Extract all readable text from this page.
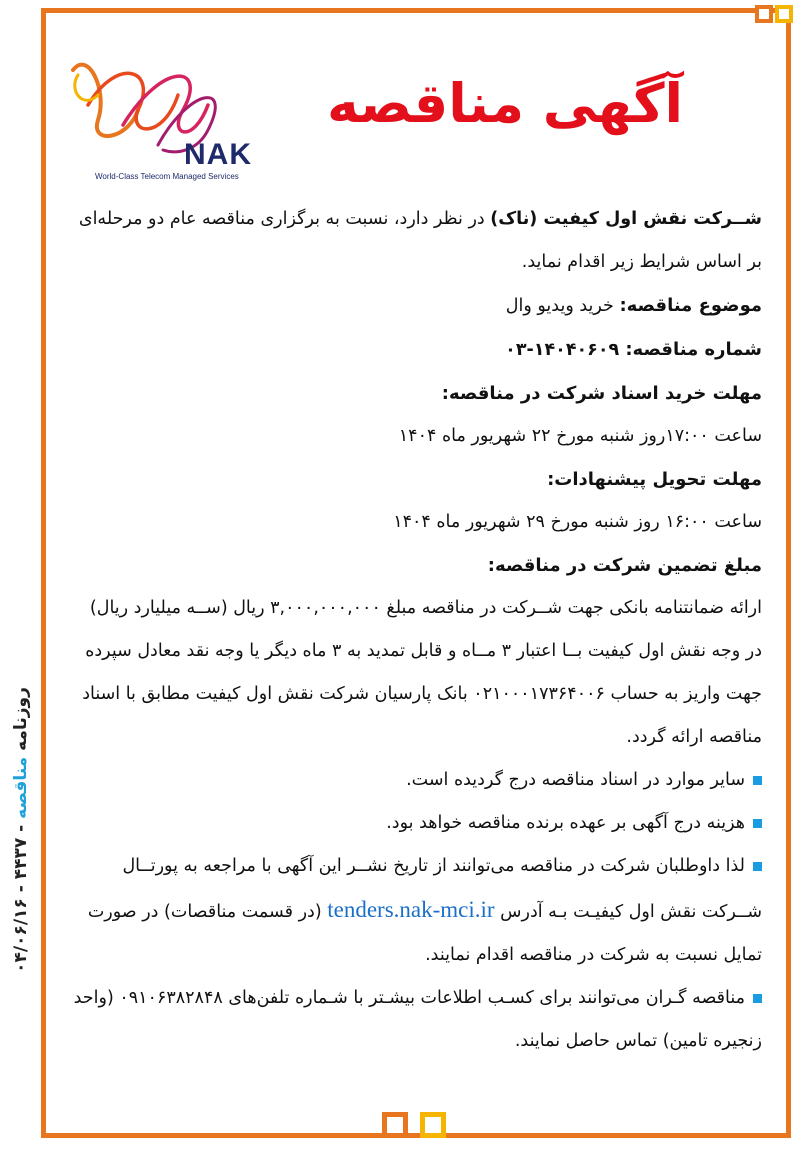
NAK
World-Class Telecom Managed Services
آگهی مناقصه

شــرکت نقش اول کیفیت (ناک) در نظر دارد، نسبت به برگزاری مناقصه عام دو مرحله‌ای بر اساس شرایط زیر اقدام نماید.

موضوع مناقصه: خرید ویدیو وال

شماره مناقصه: ۱۴۰۴۰۶۰۹-۰۳

مهلت خرید اسناد شرکت در مناقصه:

ساعت ۱۷:۰۰روز شنبه مورخ ۲۲ شهریور ماه ۱۴۰۴

مهلت تحویل پیشنهادات:

ساعت ۱۶:۰۰ روز شنبه مورخ ۲۹ شهریور ماه ۱۴۰۴

مبلغ تضمین شرکت در مناقصه:

ارائه ضمانتنامه بانکی جهت شــرکت در مناقصه مبلغ ۳,۰۰۰,۰۰۰,۰۰۰ ریال (ســه میلیارد ریال) در وجه نقش اول کیفیت بــا اعتبار ۳ مــاه و قابل تمدید به ۳ ماه دیگر یا وجه نقد معادل سپرده جهت واریز به حساب ۰۲۱۰۰۰۱۷۳۶۴۰۰۶ بانک پارسیان شرکت نقش اول کیفیت مطابق با اسناد مناقصه ارائه گردد.

سایر موارد در اسناد مناقصه درج گردیده است.

هزینه درج آگهی بر عهده برنده مناقصه خواهد بود.

لذا داوطلبان شرکت در مناقصه می‌توانند از تاریخ نشــر این آگهی با مراجعه به پورتــال شــرکت نقش اول کیفیـت بـه آدرس tenders.nak-mci.ir (در قسمت مناقصات) در صورت تمایل نسبت به شرکت در مناقصه اقدام نمایند.

مناقصه گـران می‌توانند برای کسـب اطلاعات بیشـتر با شـماره تلفن‌های ۰۹۱۰۶۳۸۲۸۴۸ (واحد زنجیره تامین) تماس حاصل نمایند.

روزنامه مناقصه - ۴۴۳۷ - ۰۴/۰۶/۱۶
